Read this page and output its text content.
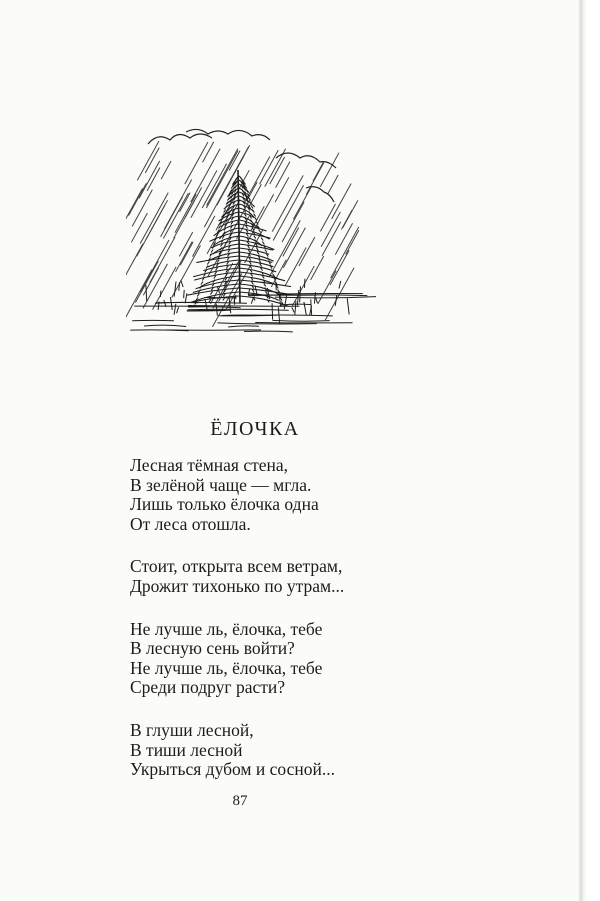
ЁЛОЧКА
Лесная тёмная стена,
В зелёной чаще — мгла.
Лишь только ёлочка одна
От леса отошла.
Стоит, открыта всем ветрам,
Дрожит тихонько по утрам...
Не лучше ль, ёлочка, тебе
В лесную сень войти?
Не лучше ль, ёлочка, тебе
Среди подруг расти?
В глуши лесной,
В тиши лесной
Укрыться дубом и сосной...
87
